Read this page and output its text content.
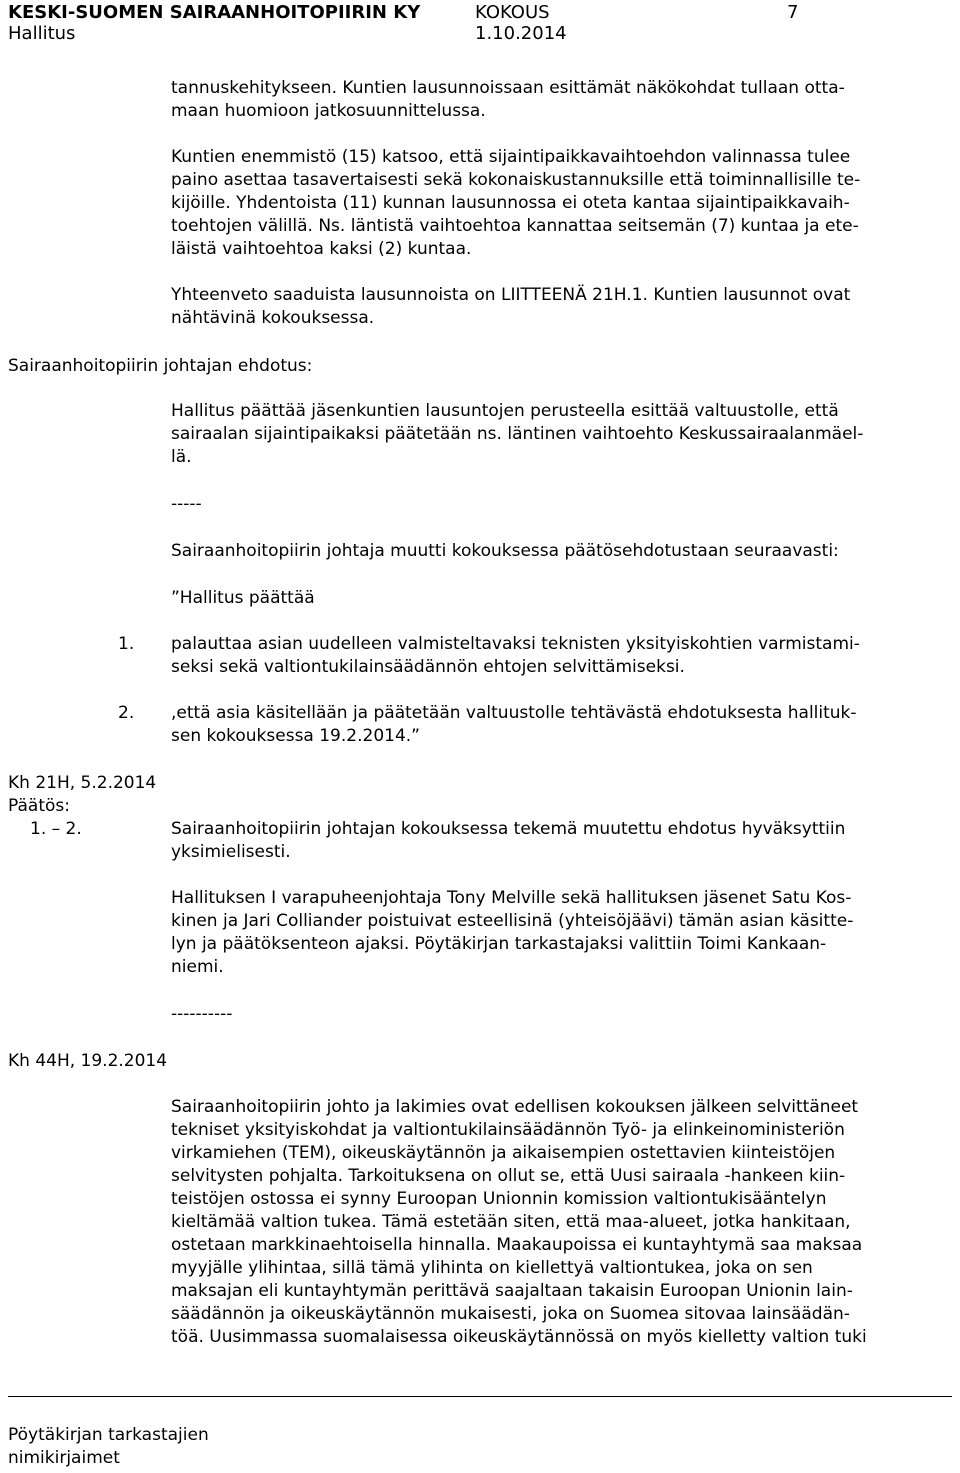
KESKI-SUOMEN SAIRAANHOITOPIIRIN KY	KOKOUS	7
Hallitus	1.10.2014
tannuskehitykseen. Kuntien lausunnoissaan esittämät näkökohdat tullaan otta-
maan huomioon jatkosuunnittelussa.
Kuntien enemmistö (15) katsoo, että sijaintipaikkavaihtoehdon valinnassa tulee
paino asettaa tasavertaisesti sekä kokonaiskustannuksille että toiminnallisille te-
kijöille. Yhdentoista (11) kunnan lausunnossa ei oteta kantaa sijaintipaikkavaih-
toehtojen välillä. Ns. läntistä vaihtoehtoa kannattaa seitsemän (7) kuntaa ja ete-
läistä vaihtoehtoa kaksi (2) kuntaa.
Yhteenveto saaduista lausunnoista on LIITTEENÄ 21H.1. Kuntien lausunnot ovat
nähtävinä kokouksessa.
Sairaanhoitopiirin johtajan ehdotus:
Hallitus päättää jäsenkuntien lausuntojen perusteella esittää valtuustolle, että
sairaalan sijaintipaikaksi päätetään ns. läntinen vaihtoehto Keskussairaalanmäel-
lä.
-----
Sairaanhoitopiirin johtaja muutti kokouksessa päätösehdotustaan seuraavasti:
”Hallitus päättää
1. palauttaa asian uudelleen valmisteltavaksi teknisten yksityiskohtien varmistami-
seksi sekä valtiontukilainsäädännön ehtojen selvittämiseksi.
2. ,että asia käsitellään ja päätetään valtuustolle tehtävästä ehdotuksesta hallituk-
sen kokouksessa 19.2.2014.”
Kh 21H, 5.2.2014
Päätös:
1. – 2.	Sairaanhoitopiirin johtajan kokouksessa tekemä muutettu ehdotus hyväksyttiin
yksimielisesti.
Hallituksen I varapuheenjohtaja Tony Melville sekä hallituksen jäsenet Satu Kos-
kinen ja Jari Colliander poistuivat esteellisinä (yhteisöjäävi) tämän asian käsitte-
lyn ja päätöksenteon ajaksi. Pöytäkirjan tarkastajaksi valittiin Toimi Kankaan-
niemi.
----------
Kh 44H, 19.2.2014
Sairaanhoitopiirin johto ja lakimies ovat edellisen kokouksen jälkeen selvittäneet
tekniset yksityiskohdat ja valtiontukilainsäädännön Työ- ja elinkeinoministeriön
virkamiehen (TEM), oikeuskäytännön ja aikaisempien ostettavien kiinteistöjen
selvitysten pohjalta. Tarkoituksena on ollut se, että Uusi sairaala -hankeen kiin-
teistöjen ostossa ei synny Euroopan Unionnin komission valtiontukisääntelyn
kieltämää valtion tukea. Tämä estetään siten, että maa-alueet, jotka hankitaan,
ostetaan markkinaehtoisella hinnalla. Maakaupoissa ei kuntayhtymä saa maksaa
myyjälle ylihintaa, sillä tämä ylihinta on kiellettyä valtiontukea, joka on sen
maksajan eli kuntayhtymän perittävä saajaltaan takaisin Euroopan Unionin lain-
säädännön ja oikeuskäytännön mukaisesti, joka on Suomea sitovaa lainsäädän-
töä. Uusimmassa suomalaisessa oikeuskäytännössä on myös kielletty valtion tuki
Pöytäkirjan tarkastajien
nimikirjaimet
